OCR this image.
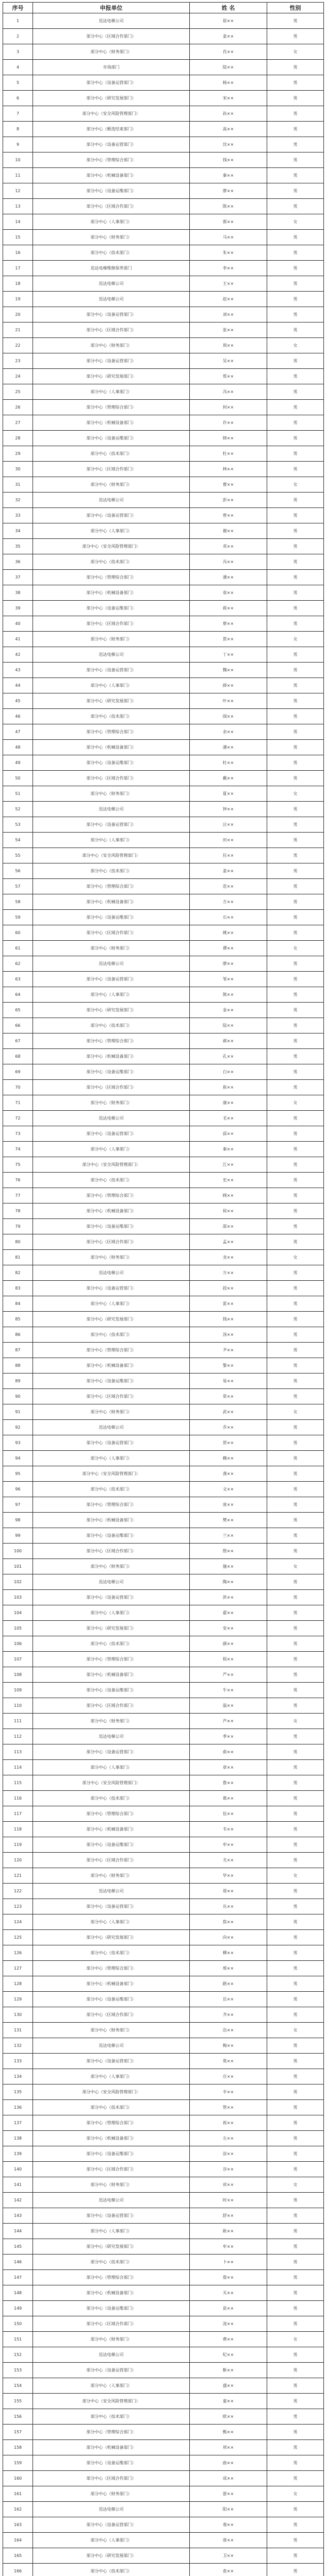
序号	申报单位	姓 名	性别
1	迅达电梯公司	徐××	男
2	部分中心（区域合作部门）	姜××	男
3	部分中心（财务部门）	肖××	女
4	市场部门	陆××	男
5	部分中心（设备运营部门）	杨××	男
6	部分中心（研究发展部门）	宋××	男
7	部分中心（安全风险管理部门）	孙××	男
8	部分中心（甄选结束部门）	高××	男
9	部分中心（设备运营部门）	沈××	男
10	部分中心（管理综合部门）	钱××	男
11	部分中心（机械设备部门）	秦××	男
12	部分中心（设备运维部门）	廖××	男
13	部分中心（区域合作部门）	陈××	男
14	部分中心（人事部门）	郭××	女
15	部分中心（财务部门）	马××	男
16	部分中心（技术部门）	朱××	男
17	迅达电梯维修保养部门	李××	男
18	迅达电梯公司	王××	男
19	迅达电梯公司	赵××	男
20	部分中心（设备运营部门）	刘××	男
21	部分中心（区域合作部门）	张××	男
22	部分中心（财务部门）	周××	女
23	部分中心（设备运营部门）	吴××	男
24	部分中心（研究发展部门）	郑××	男
25	部分中心（人事部门）	冯××	男
26	部分中心（管理综合部门）	何××	男
27	部分中心（机械设备部门）	许××	男
28	部分中心（设备运维部门）	韩××	男
29	部分中心（技术部门）	杜××	男
30	部分中心（区域合作部门）	林××	男
31	部分中心（财务部门）	曹××	女
32	迅达电梯公司	彭××	男
33	部分中心（设备运营部门）	曾××	男
34	部分中心（人事部门）	谢××	男
35	部分中心（安全风险管理部门）	邓××	男
36	部分中心（技术部门）	冯××	男
37	部分中心（管理综合部门）	潘××	男
38	部分中心（机械设备部门）	袁××	男
39	部分中心（设备运维部门）	蒋××	男
40	部分中心（区域合作部门）	蔡××	男
41	部分中心（财务部门）	贾××	女
42	迅达电梯公司	丁××	男
43	部分中心（设备运营部门）	魏××	男
44	部分中心（人事部门）	薛××	男
45	部分中心（研究发展部门）	叶××	男
46	部分中心（技术部门）	阎××	男
47	部分中心（管理综合部门）	余××	男
48	部分中心（机械设备部门）	潘××	男
49	部分中心（设备运维部门）	杜××	男
50	部分中心（区域合作部门）	戴××	男
51	部分中心（财务部门）	夏××	女
52	迅达电梯公司	钟××	男
53	部分中心（设备运营部门）	汪××	男
54	部分中心（人事部门）	田××	男
55	部分中心（安全风险管理部门）	任××	男
56	部分中心（技术部门）	姜××	男
57	部分中心（管理综合部门）	范××	男
58	部分中心（机械设备部门）	方××	男
59	部分中心（设备运维部门）	石××	男
60	部分中心（区域合作部门）	姚××	男
61	部分中心（财务部门）	谭××	女
62	迅达电梯公司	廖××	男
63	部分中心（设备运营部门）	邹××	男
64	部分中心（人事部门）	熊××	男
65	部分中心（研究发展部门）	金××	男
66	部分中心（技术部门）	陆××	男
67	部分中心（管理综合部门）	郝××	男
68	部分中心（机械设备部门）	孔××	男
69	部分中心（设备运维部门）	白××	男
70	部分中心（区域合作部门）	崔××	男
71	部分中心（财务部门）	康××	女
72	迅达电梯公司	毛××	男
73	部分中心（设备运营部门）	邱××	男
74	部分中心（人事部门）	秦××	男
75	部分中心（安全风险管理部门）	江××	男
76	部分中心（技术部门）	史××	男
77	部分中心（管理综合部门）	顾××	男
78	部分中心（机械设备部门）	侯××	男
79	部分中心（设备运维部门）	邵××	男
80	部分中心（区域合作部门）	孟××	男
81	部分中心（财务部门）	龙××	女
82	迅达电梯公司	万××	男
83	部分中心（设备运营部门）	段××	男
84	部分中心（人事部门）	雷××	男
85	部分中心（研究发展部门）	钱××	男
86	部分中心（技术部门）	汤××	男
87	部分中心（管理综合部门）	尹××	男
88	部分中心（机械设备部门）	黎××	男
89	部分中心（设备运维部门）	易××	男
90	部分中心（区域合作部门）	常××	男
91	部分中心（财务部门）	武××	女
92	迅达电梯公司	乔××	男
93	部分中心（设备运营部门）	贺××	男
94	部分中心（人事部门）	赖××	男
95	部分中心（安全风险管理部门）	龚××	男
96	部分中心（技术部门）	文××	男
97	部分中心（管理综合部门）	庞××	男
98	部分中心（机械设备部门）	樊××	男
99	部分中心（设备运维部门）	兰××	男
100	部分中心（区域合作部门）	殷××	男
101	部分中心（财务部门）	施××	女
102	迅达电梯公司	陶××	男
103	部分中心（设备运营部门）	洪××	男
104	部分中心（人事部门）	翟××	男
105	部分中心（研究发展部门）	安××	男
106	部分中心（技术部门）	颜××	男
107	部分中心（管理综合部门）	倪××	男
108	部分中心（机械设备部门）	严××	男
109	部分中心（设备运维部门）	牛××	男
110	部分中心（区域合作部门）	温××	男
111	部分中心（财务部门）	芦××	女
112	迅达电梯公司	季××	男
113	部分中心（设备运营部门）	俞××	男
114	部分中心（人事部门）	章××	男
115	部分中心（安全风险管理部门）	鲁××	男
116	部分中心（技术部门）	葛××	男
117	部分中心（管理综合部门）	伍××	男
118	部分中心（机械设备部门）	韦××	男
119	部分中心（设备运维部门）	申××	男
120	部分中心（区域合作部门）	尤××	男
121	部分中心（财务部门）	毕××	女
122	迅达电梯公司	聂××	男
123	部分中心（设备运营部门）	丛××	男
124	部分中心（人事部门）	焦××	男
125	部分中心（研究发展部门）	向××	男
126	部分中心（技术部门）	柳××	男
127	部分中心（管理综合部门）	邢××	男
128	部分中心（机械设备部门）	路××	男
129	部分中心（设备运维部门）	岳××	男
130	部分中心（区域合作部门）	齐××	男
131	部分中心（财务部门）	沿××	女
132	迅达电梯公司	梅××	男
133	部分中心（设备运营部门）	莫××	男
134	部分中心（人事部门）	庄××	男
135	部分中心（安全风险管理部门）	辛××	男
136	部分中心（技术部门）	管××	男
137	部分中心（管理综合部门）	祝××	男
138	部分中心（机械设备部门）	左××	男
139	部分中心（设备运维部门）	涂××	男
140	部分中心（区域合作部门）	谷××	男
141	部分中心（财务部门）	祁××	女
142	迅达电梯公司	时××	男
143	部分中心（设备运营部门）	舒××	男
144	部分中心（人事部门）	耿××	男
145	部分中心（研究发展部门）	牟××	男
146	部分中心（技术部门）	卜××	男
147	部分中心（管理综合部门）	詹××	男
148	部分中心（机械设备部门）	关××	男
149	部分中心（设备运维部门）	苗××	男
150	部分中心（区域合作部门）	凌××	男
151	部分中心（财务部门）	费××	女
152	迅达电梯公司	纪××	男
153	部分中心（设备运营部门）	靳××	男
154	部分中心（人事部门）	盛××	男
155	部分中心（安全风险管理部门）	童××	男
156	部分中心（技术部门）	欧××	男
157	部分中心（管理综合部门）	甄××	男
158	部分中心（机械设备部门）	项××	男
159	部分中心（设备运维部门）	曲××	男
160	部分中心（区域合作部门）	成××	男
161	部分中心（财务部门）	游××	女
162	迅达电梯公司	阳××	男
163	部分中心（设备运营部门）	裴××	男
164	部分中心（人事部门）	席××	男
165	部分中心（研究发展部门）	卫××	男
166	部分中心（技术部门）	查××	男
